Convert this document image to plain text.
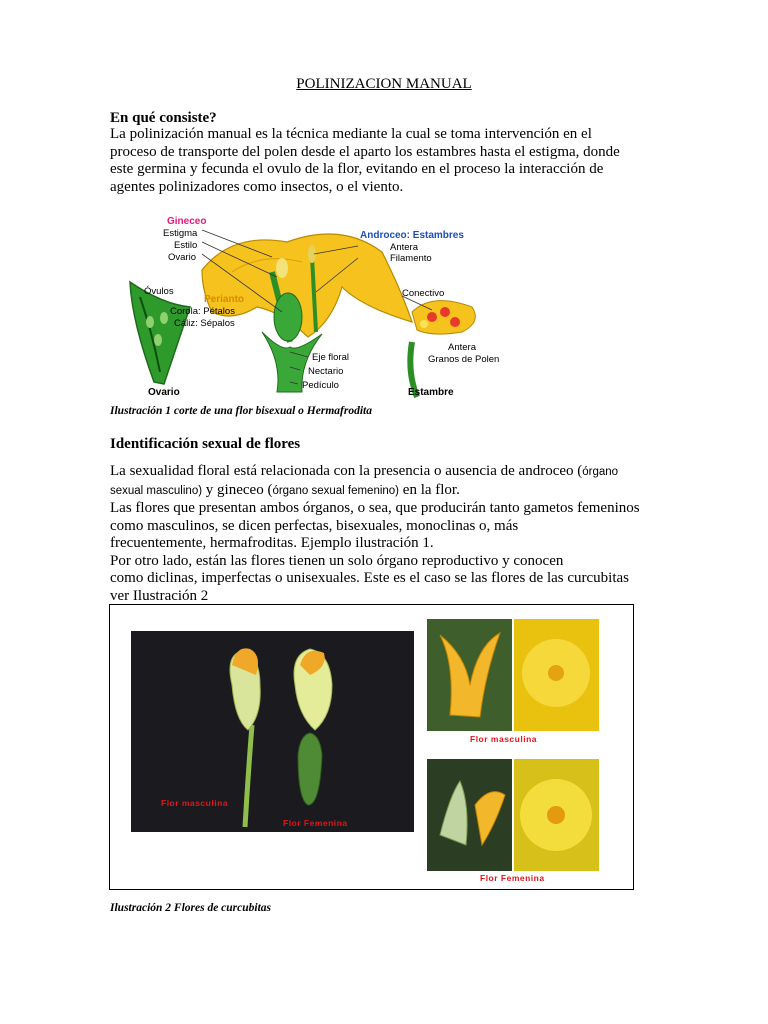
POLINIZACION MANUAL
En qué consiste?
La polinización manual es la técnica mediante la cual se toma intervención en el
proceso de transporte del polen desde el aparto los estambres hasta el estigma, donde
este germina y fecunda el ovulo de la flor, evitando en el proceso la interacción de
agentes polinizadores como insectos, o el viento.
Gineceo
Estigma
Estilo
Ovario
Androceo: Estambres
Antera
Filamento
Óvulos
Perianto
Corola: Pétalos
Cáliz: Sépalos
Conectivo
Antera
Granos de Polen
Eje floral
Nectario
Pedículo
Ovario	Estambre
Ilustración 1 corte de una flor bisexual o Hermafrodita
Identificación sexual de flores
La sexualidad floral está relacionada con la presencia o ausencia de androceo (órgano
sexual masculino) y gineceo (órgano sexual femenino) en la flor.
Las flores que presentan ambos órganos, o sea, que producirán tanto gametos femeninos
como masculinos, se dicen perfectas, bisexuales, monoclinas o, más
frecuentemente, hermafroditas. Ejemplo ilustración 1.
Por otro lado, están las flores tienen un solo órgano reproductivo y conocen
como diclinas, imperfectas o unisexuales. Este es el caso se las flores de las curcubitas
ver Ilustración 2
Flor masculina
Flor Femenina
Flor masculina
Flor Femenina
Ilustración 2 Flores de curcubitas
